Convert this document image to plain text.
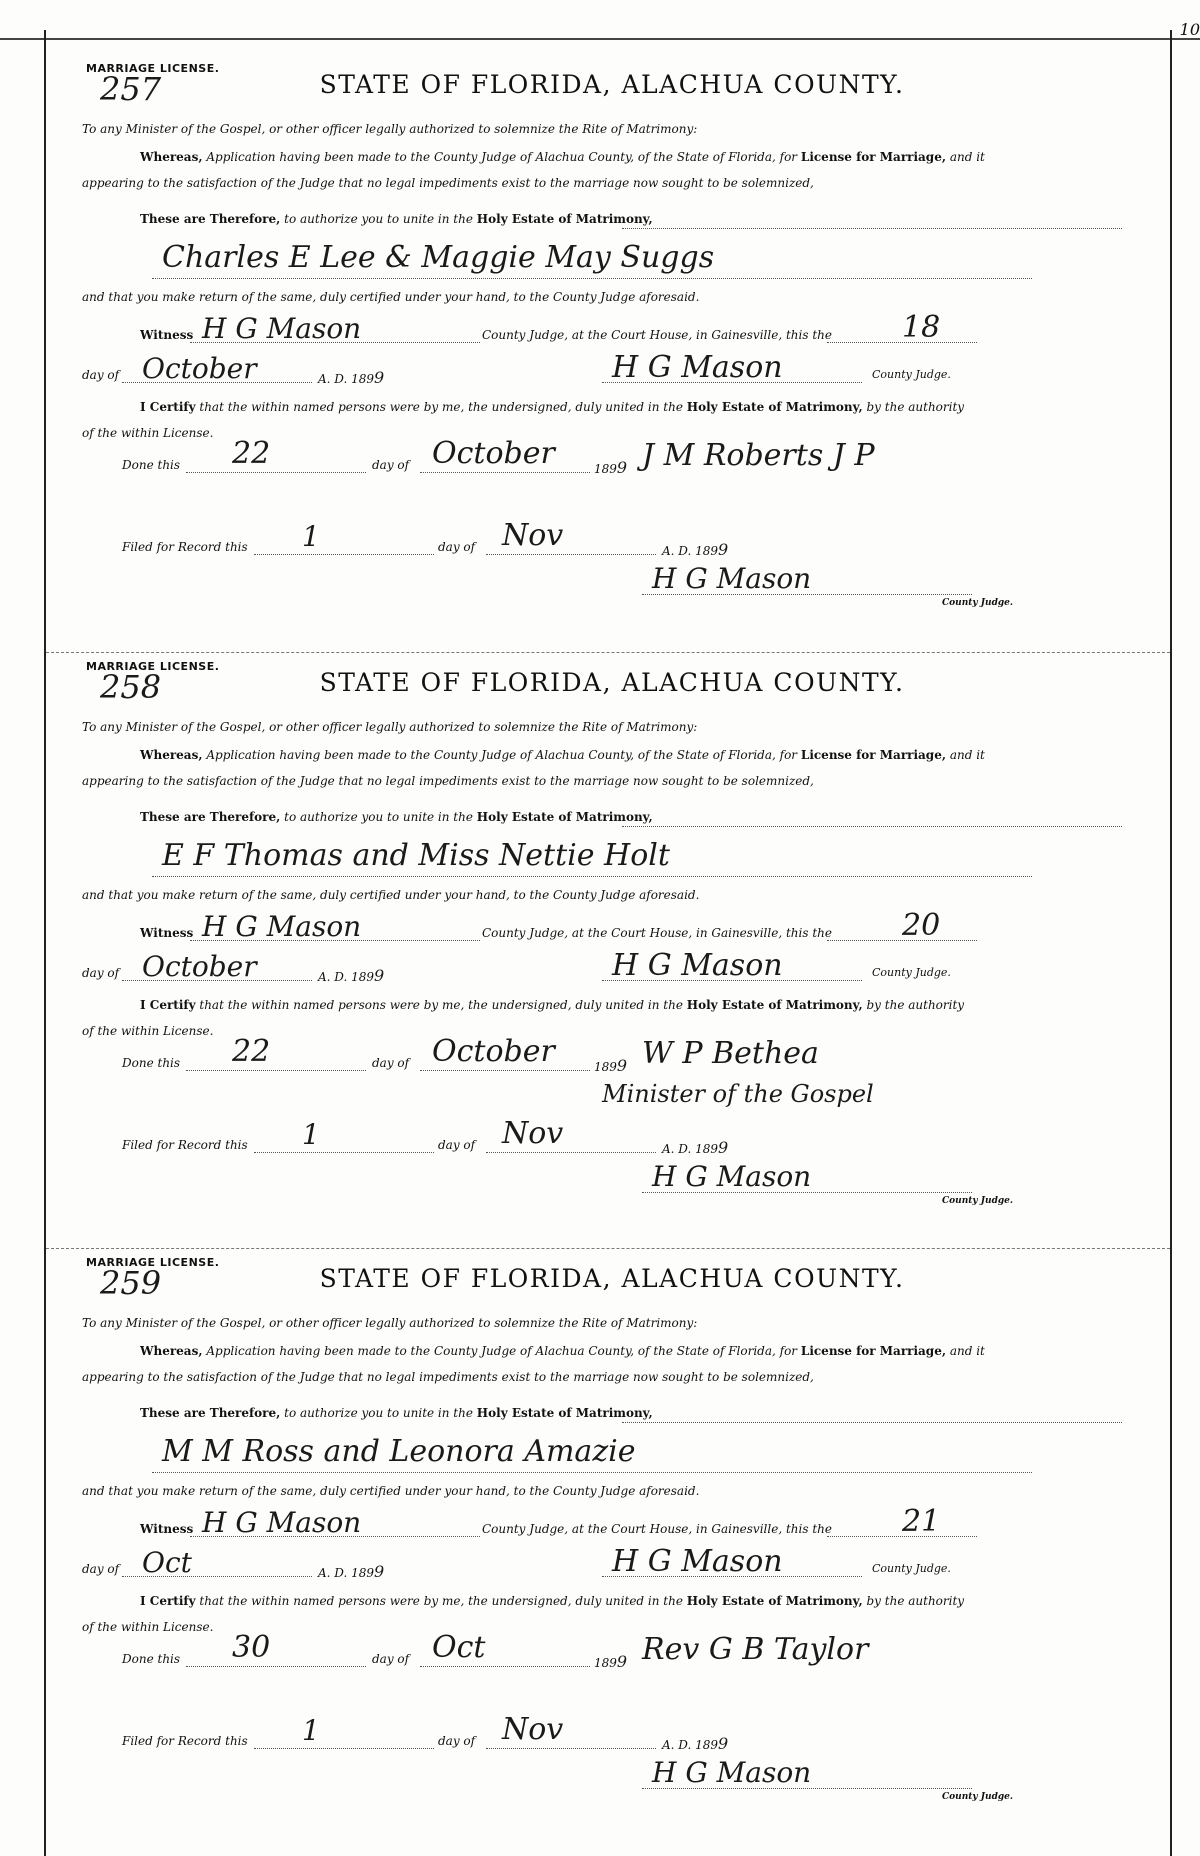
10
MARRIAGE LICENSE.
257	STATE OF FLORIDA, ALACHUA COUNTY.
To any Minister of the Gospel, or other officer legally authorized to solemnize the Rite of Matrimony:
Whereas, Application having been made to the County Judge of Alachua County, of the State of Florida, for License for Marriage, and it
appearing to the satisfaction of the Judge that no legal impediments exist to the marriage now sought to be solemnized,
These are Therefore, to authorize you to unite in the Holy Estate of Matrimony,
Charles E Lee & Maggie May Suggs
and that you make return of the same, duly certified under your hand, to the County Judge aforesaid.
Witness H G Mason	County Judge, at the Court House, in Gainesville, this the 18
day of October	A. D. 1899	H G Mason	County Judge.
I Certify that the within named persons were by me, the undersigned, duly united in the Holy Estate of Matrimony, by the authority
of the within License.
Done this 22	day of October	1899 J M Roberts J P
Filed for Record this 1	day of Nov	A. D. 1899
H G Mason
County Judge.
MARRIAGE LICENSE.
258	STATE OF FLORIDA, ALACHUA COUNTY.
To any Minister of the Gospel, or other officer legally authorized to solemnize the Rite of Matrimony:
Whereas, Application having been made to the County Judge of Alachua County, of the State of Florida, for License for Marriage, and it
appearing to the satisfaction of the Judge that no legal impediments exist to the marriage now sought to be solemnized,
These are Therefore, to authorize you to unite in the Holy Estate of Matrimony,
E F Thomas and Miss Nettie Holt
and that you make return of the same, duly certified under your hand, to the County Judge aforesaid.
Witness H G Mason	County Judge, at the Court House, in Gainesville, this the 20
day of October	A. D. 1899	H G Mason	County Judge.
I Certify that the within named persons were by me, the undersigned, duly united in the Holy Estate of Matrimony, by the authority
of the within License.
Done this 22	day of October	1899 W P Bethea
Minister of the Gospel
Filed for Record this 1	day of Nov	A. D. 1899
H G Mason
County Judge.
MARRIAGE LICENSE.
259	STATE OF FLORIDA, ALACHUA COUNTY.
To any Minister of the Gospel, or other officer legally authorized to solemnize the Rite of Matrimony:
Whereas, Application having been made to the County Judge of Alachua County, of the State of Florida, for License for Marriage, and it
appearing to the satisfaction of the Judge that no legal impediments exist to the marriage now sought to be solemnized,
These are Therefore, to authorize you to unite in the Holy Estate of Matrimony,
M M Ross and Leonora Amazie
and that you make return of the same, duly certified under your hand, to the County Judge aforesaid.
Witness H G Mason	County Judge, at the Court House, in Gainesville, this the 21
day of Oct	A. D. 1899	H G Mason	County Judge.
I Certify that the within named persons were by me, the undersigned, duly united in the Holy Estate of Matrimony, by the authority
of the within License.
Done this 30	day of Oct	1899 Rev G B Taylor
Filed for Record this 1	day of Nov	A. D. 1899
H G Mason
County Judge.
